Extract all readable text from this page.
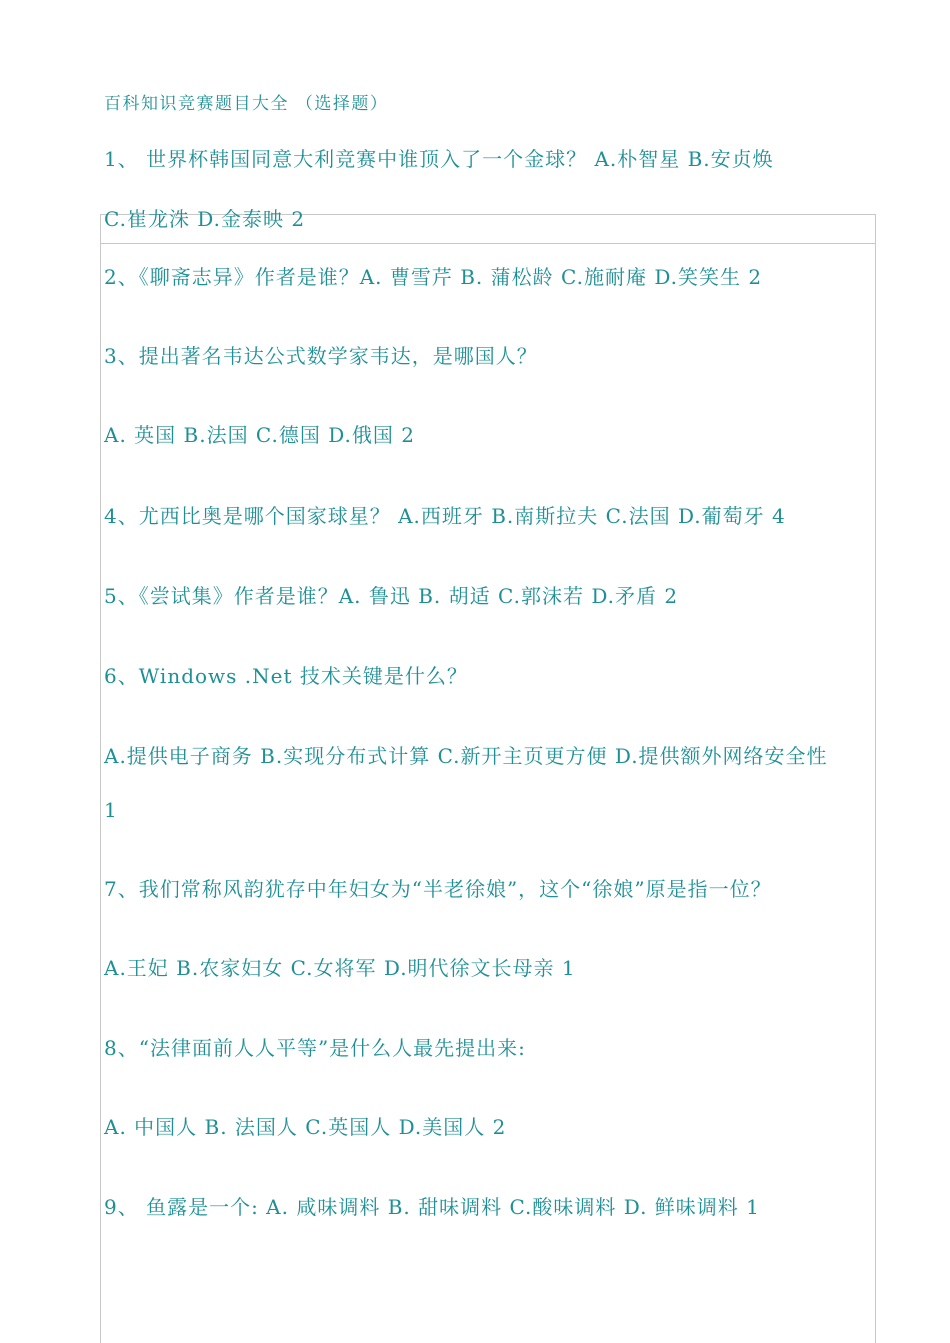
百科知识竞赛题目大全 （选择题）
1、 世界杯韩国同意大利竞赛中谁顶入了一个金球？ A.朴智星 B.安贞焕
C.崔龙洙 D.金泰映 2
2、《聊斋志异》作者是谁？A. 曹雪芹 B. 蒲松龄 C.施耐庵 D.笑笑生 2
3、提出著名韦达公式数学家韦达，是哪国人？
A. 英国 B.法国 C.德国 D.俄国 2
4、尤西比奥是哪个国家球星？ A.西班牙 B.南斯拉夫 C.法国 D.葡萄牙 4
5、《尝试集》作者是谁？A. 鲁迅 B. 胡适 C.郭沫若 D.矛盾 2
6、Windows .Net 技术关键是什么？
A.提供电子商务 B.实现分布式计算 C.新开主页更方便 D.提供额外网络安全性
1
7、我们常称风韵犹存中年妇女为“半老徐娘”，这个“徐娘”原是指一位？
A.王妃 B.农家妇女 C.女将军 D.明代徐文长母亲 1
8、“法律面前人人平等”是什么人最先提出来:
A. 中国人 B. 法国人 C.英国人 D.美国人 2
9、 鱼露是一个: A. 咸味调料 B. 甜味调料 C.酸味调料 D. 鲜味调料 1
